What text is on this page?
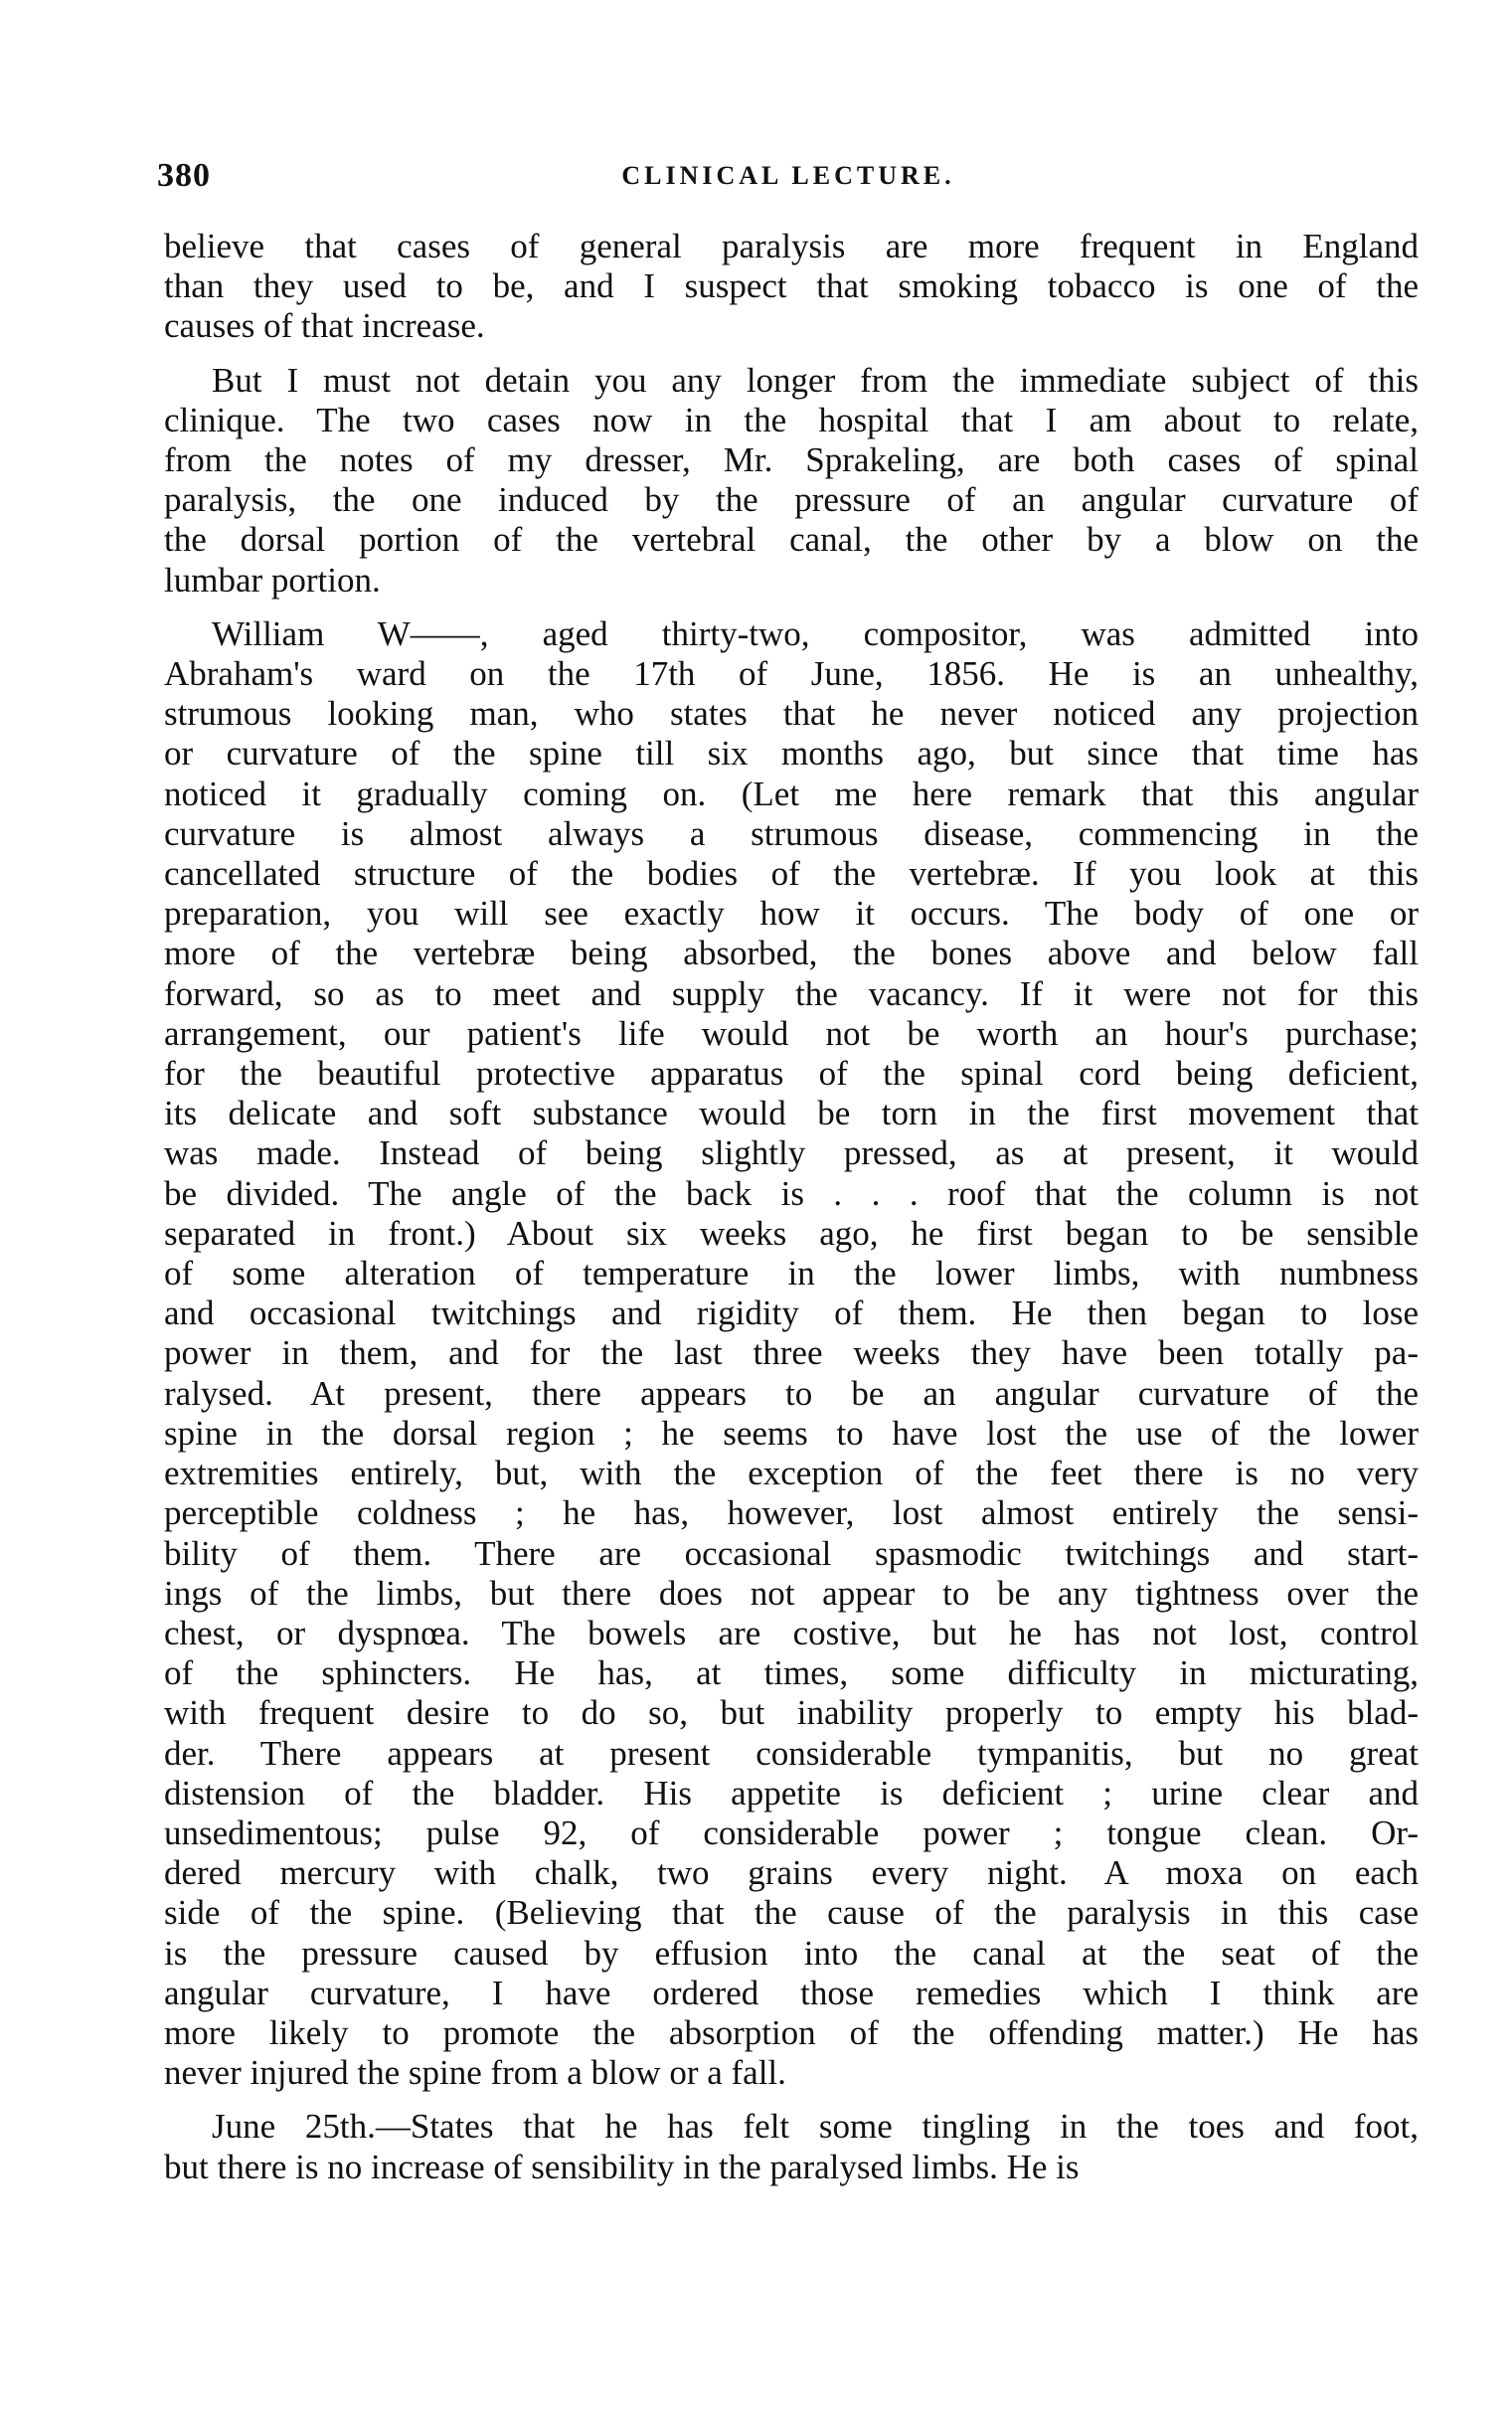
380	CLINICAL LECTURE.
believe that cases of general paralysis are more frequent in England
than they used to be, and I suspect that smoking tobacco is one of the
causes of that increase.
But I must not detain you any longer from the immediate subject of this
clinique. The two cases now in the hospital that I am about to relate,
from the notes of my dresser, Mr. Sprakeling, are both cases of spinal
paralysis, the one induced by the pressure of an angular curvature of
the dorsal portion of the vertebral canal, the other by a blow on the
lumbar portion.
William W——, aged thirty-two, compositor, was admitted into
Abraham's ward on the 17th of June, 1856. He is an unhealthy,
strumous looking man, who states that he never noticed any projection
or curvature of the spine till six months ago, but since that time has
noticed it gradually coming on. (Let me here remark that this angular
curvature is almost always a strumous disease, commencing in the
cancellated structure of the bodies of the vertebræ. If you look at this
preparation, you will see exactly how it occurs. The body of one or
more of the vertebræ being absorbed, the bones above and below fall
forward, so as to meet and supply the vacancy. If it were not for this
arrangement, our patient's life would not be worth an hour's purchase;
for the beautiful protective apparatus of the spinal cord being deficient,
its delicate and soft substance would be torn in the first movement that
was made. Instead of being slightly pressed, as at present, it would
be divided. The angle of the back is . . . roof that the column is not
separated in front.) About six weeks ago, he first began to be sensible
of some alteration of temperature in the lower limbs, with numbness
and occasional twitchings and rigidity of them. He then began to lose
power in them, and for the last three weeks they have been totally pa-
ralysed. At present, there appears to be an angular curvature of the
spine in the dorsal region ; he seems to have lost the use of the lower
extremities entirely, but, with the exception of the feet there is no very
perceptible coldness ; he has, however, lost almost entirely the sensi-
bility of them. There are occasional spasmodic twitchings and start-
ings of the limbs, but there does not appear to be any tightness over the
chest, or dyspnœa. The bowels are costive, but he has not lost, control
of the sphincters. He has, at times, some difficulty in micturating,
with frequent desire to do so, but inability properly to empty his blad-
der. There appears at present considerable tympanitis, but no great
distension of the bladder. His appetite is deficient ; urine clear and
unsedimentous; pulse 92, of considerable power ; tongue clean. Or-
dered mercury with chalk, two grains every night. A moxa on each
side of the spine. (Believing that the cause of the paralysis in this case
is the pressure caused by effusion into the canal at the seat of the
angular curvature, I have ordered those remedies which I think are
more likely to promote the absorption of the offending matter.) He has
never injured the spine from a blow or a fall.
June 25th.—States that he has felt some tingling in the toes and foot,
but there is no increase of sensibility in the paralysed limbs. He is
